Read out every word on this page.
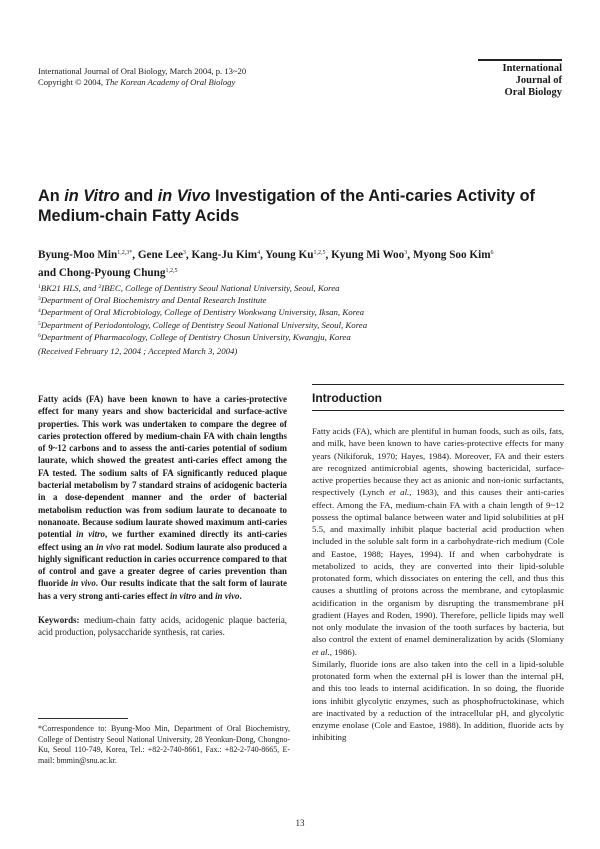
International Journal of Oral Biology, March 2004, p. 13~20
Copyright © 2004, The Korean Academy of Oral Biology
International
Journal of
Oral Biology
An in Vitro and in Vivo Investigation of the Anti-caries Activity of Medium-chain Fatty Acids
Byung-Moo Min$^{1,2,3*}$, Gene Lee$^3$, Kang-Ju Kim$^4$, Young Ku$^{1,2,5}$, Kyung Mi Woo$^3$, Myong Soo Kim$^6$
and Chong-Pyoung Chung$^{1,2,5}$
$^1$BK21 HLS, and $^2$IBEC, College of Dentistry Seoul National University, Seoul, Korea
$^3$Department of Oral Biochemistry and Dental Research Institute
$^4$Department of Oral Microbiology, College of Dentistry Wonkwang University, Iksan, Korea
$^5$Department of Periodontology, College of Dentistry Seoul National University, Seoul, Korea
$^6$Department of Pharmacology, College of Dentistry Chosun University, Kwangju, Korea
(Received February 12, 2004 ; Accepted March 3, 2004)

Fatty acids (FA) have been known to have a caries-protective effect for many years and show bactericidal and surface-active properties. This work was undertaken to compare the degree of caries protection offered by medium-chain FA with chain lengths of 9~12 carbons and to assess the anti-caries potential of sodium laurate, which showed the greatest anti-caries effect among the FA tested. The sodium salts of FA significantly reduced plaque bacterial metabolism by 7 standard strains of acidogenic bacteria in a dose-dependent manner and the order of bacterial metabolism reduction was from sodium laurate to decanoate to nonanoate. Because sodium laurate showed maximum anti-caries potential in vitro, we further examined directly its anti-caries effect using an in vivo rat model. Sodium laurate also produced a highly significant reduction in caries occurrence compared to that of control and gave a greater degree of caries prevention than fluoride in vivo. Our results indicate that the salt form of laurate has a very strong anti-caries effect in vitro and in vivo.

Keywords: medium-chain fatty acids, acidogenic plaque bacteria, acid production, polysaccharide synthesis, rat caries.
*Correspondence to: Byung-Moo Min, Department of Oral Biochemistry, College of Dentistry Seoul National University, 28 Yeonkun-Dong, Chongno-Ku, Seoul 110-749, Korea, Tel.: +82-2-740-8661, Fax.: +82-2-740-8665, E-mail: bmmin@snu.ac.kr.
Introduction

Fatty acids (FA), which are plentiful in human foods, such as oils, fats, and milk, have been known to have caries-protective effects for many years (Nikiforuk, 1970; Hayes, 1984). Moreover, FA and their esters are recognized antimicrobial agents, showing bactericidal, surface-active properties because they act as anionic and non-ionic surfactants, respectively (Lynch et al., 1983), and this causes their anti-caries effect. Among the FA, medium-chain FA with a chain length of 9~12 possess the optimal balance between water and lipid solubilities at pH 5.5, and maximally inhibit plaque bacterial acid production when included in the soluble salt form in a carbohydrate-rich medium (Cole and Eastoe, 1988; Hayes, 1994). If and when carbohydrate is metabolized to acids, they are converted into their lipid-soluble protonated form, which dissociates on entering the cell, and thus this causes a shuttling of protons across the membrane, and cytoplasmic acidification in the organism by disrupting the transmembrane pH gradient (Hayes and Roden, 1990). Therefore, pellicle lipids may well not only modulate the invasion of the tooth surfaces by bacteria, but also control the extent of enamel demineralization by acids (Slomiany et al., 1986).

Similarly, fluoride ions are also taken into the cell in a lipid-soluble protonated form when the external pH is lower than the internal pH, and this too leads to internal acidification. In so doing, the fluoride ions inhibit glycolytic enzymes, such as phosphofructokinase, which are inactivated by a reduction of the intracellular pH, and glycolytic enzyme enolase (Cole and Eastoe, 1988). In addition, fluoride acts by inhibiting

13
